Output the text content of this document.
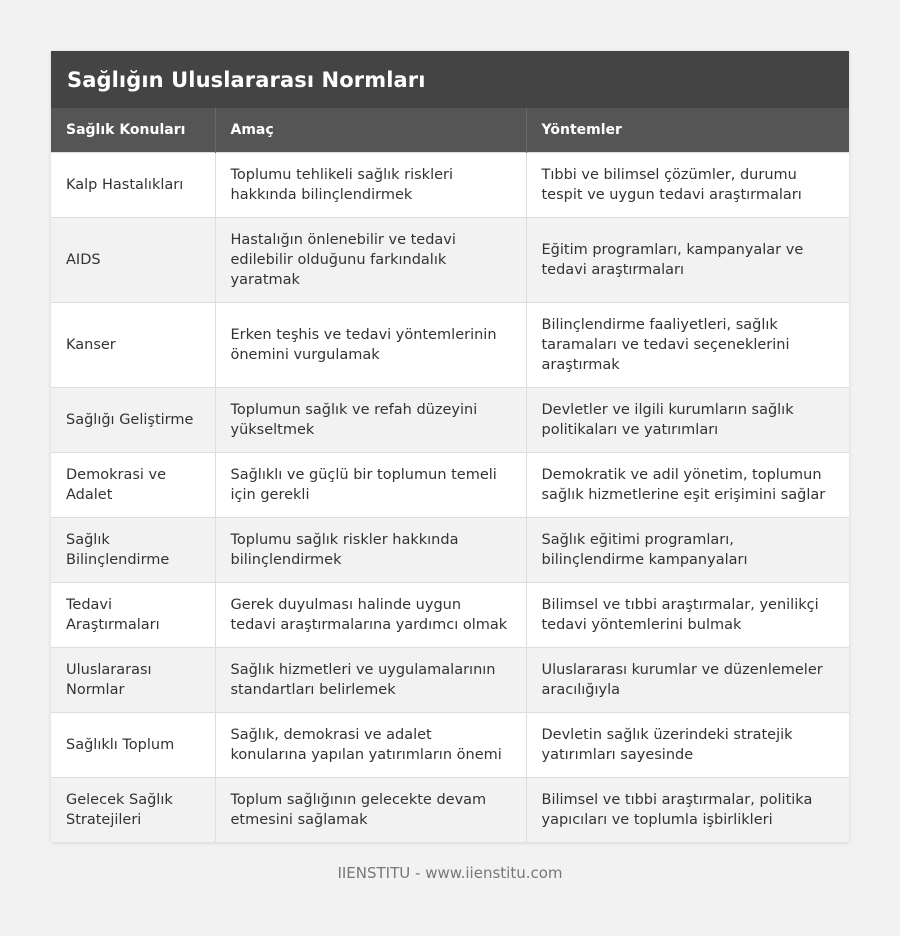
Sağlığın Uluslararası Normları
Sağlık Konuları	Amaç	Yöntemler
Kalp Hastalıkları	Toplumu tehlikeli sağlık riskleri hakkında bilinçlendirmek	Tıbbi ve bilimsel çözümler, durumu tespit ve uygun tedavi araştırmaları
AIDS	Hastalığın önlenebilir ve tedavi edilebilir olduğunu farkındalık yaratmak	Eğitim programları, kampanyalar ve tedavi araştırmaları
Kanser	Erken teşhis ve tedavi yöntemlerinin önemini vurgulamak	Bilinçlendirme faaliyetleri, sağlık taramaları ve tedavi seçeneklerini araştırmak
Sağlığı Geliştirme	Toplumun sağlık ve refah düzeyini yükseltmek	Devletler ve ilgili kurumların sağlık politikaları ve yatırımları
Demokrasi ve Adalet	Sağlıklı ve güçlü bir toplumun temeli için gerekli	Demokratik ve adil yönetim, toplumun sağlık hizmetlerine eşit erişimini sağlar
Sağlık Bilinçlendirme	Toplumu sağlık riskler hakkında bilinçlendirmek	Sağlık eğitimi programları, bilinçlendirme kampanyaları
Tedavi Araştırmaları	Gerek duyulması halinde uygun tedavi araştırmalarına yardımcı olmak	Bilimsel ve tıbbi araştırmalar, yenilikçi tedavi yöntemlerini bulmak
Uluslararası Normlar	Sağlık hizmetleri ve uygulamalarının standartları belirlemek	Uluslararası kurumlar ve düzenlemeler aracılığıyla
Sağlıklı Toplum	Sağlık, demokrasi ve adalet konularına yapılan yatırımların önemi	Devletin sağlık üzerindeki stratejik yatırımları sayesinde
Gelecek Sağlık Stratejileri	Toplum sağlığının gelecekte devam etmesini sağlamak	Bilimsel ve tıbbi araştırmalar, politika yapıcıları ve toplumla işbirlikleri
IIENSTITU - www.iienstitu.com
